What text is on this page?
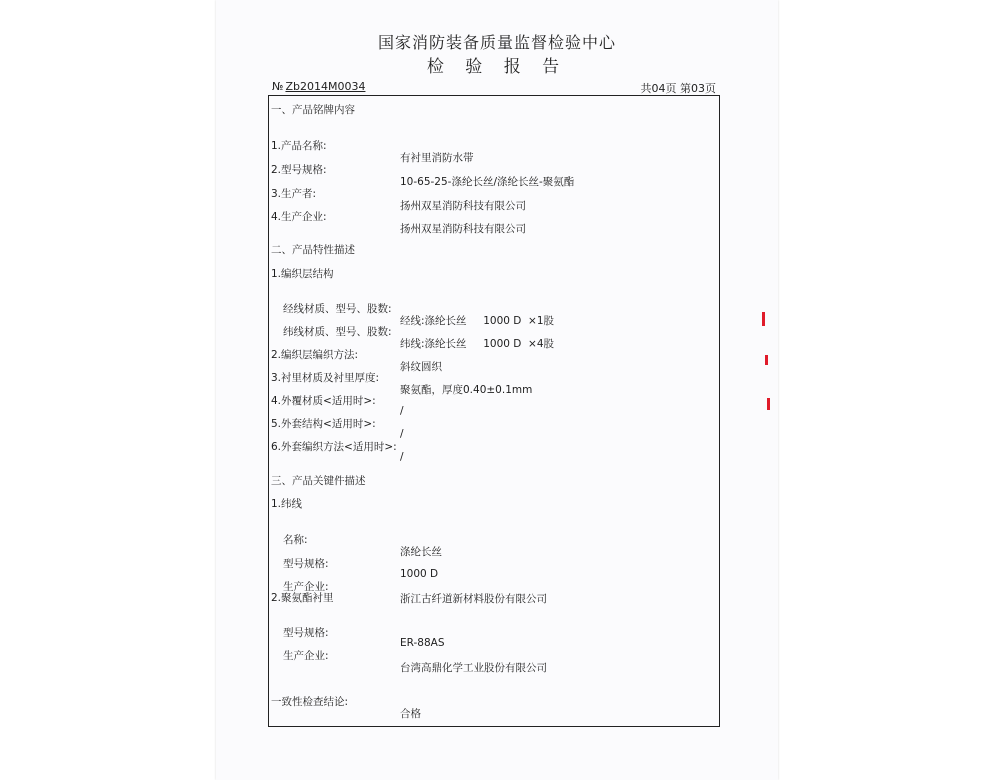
国家消防装备质量监督检验中心
检 验 报 告
№ Zb2014M0034	共04页 第03页
一、产品铭牌内容

1.产品名称:

有衬里消防水带

2.型号规格:

10-65-25-涤纶长丝/涤纶长丝-聚氨酯

3.生产者:

扬州双星消防科技有限公司

4.生产企业:

扬州双星消防科技有限公司

二、产品特性描述
1.编织层结构

经线材质、型号、股数:

经线:涤纶长丝     1000 D  ×1股

纬线材质、型号、股数:

纬线:涤纶长丝     1000 D  ×4股

2.编织层编织方法:

斜纹圆织

3.衬里材质及衬里厚度:

聚氨酯，厚度0.40±0.1mm

4.外覆材质<适用时>:

/

5.外套结构<适用时>:

/

6.外套编织方法<适用时>:

/

三、产品关键件描述
1.纬线

名称:

涤纶长丝

型号规格:

1000 D

生产企业:

浙江古纤道新材料股份有限公司

2.聚氨酯衬里

型号规格:

ER-88AS

生产企业:

台湾高鼎化学工业股份有限公司

一致性检查结论:

合格
